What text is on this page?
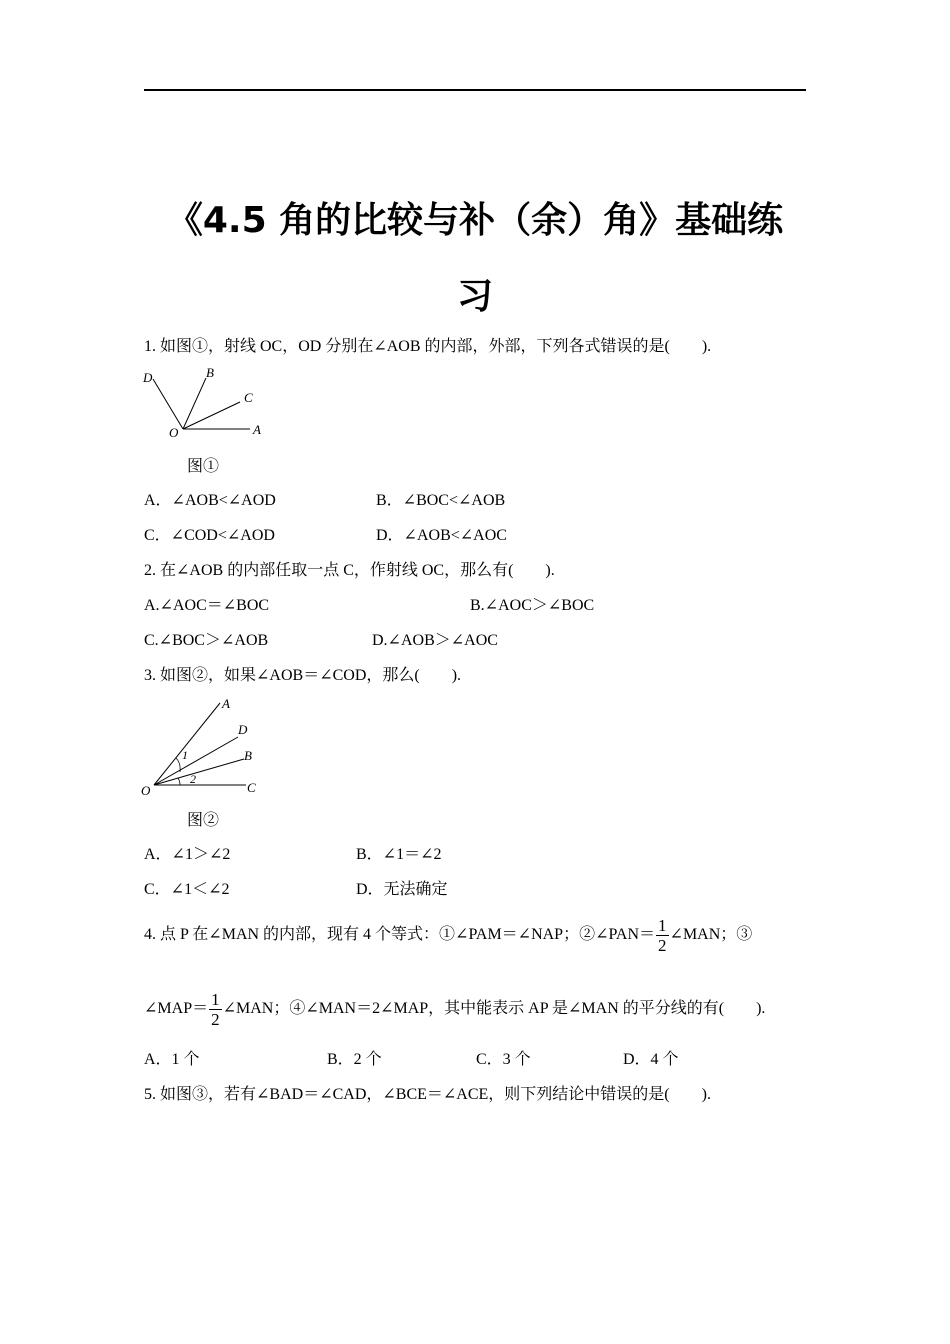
《4.5 角的比较与补（余）角》基础练
习
1. 如图①，射线 OC，OD 分别在∠AOB 的内部，外部，下列各式错误的是(　　).
D	B
C
O	A
图①
A．∠AOB<∠AOD	B．∠BOC<∠AOB
C．∠COD<∠AOD	D．∠AOB<∠AOC
2. 在∠AOB 的内部任取一点 C，作射线 OC，那么有(　　).
A.∠AOC＝∠BOC	B.∠AOC＞∠BOC
C.∠BOC＞∠AOB	D.∠AOB＞∠AOC
3. 如图②，如果∠AOB＝∠COD，那么(　　).
A
D
B
O	C
1
2
图②
A．∠1＞∠2	B．∠1＝∠2
C．∠1＜∠2	D．无法确定
4. 点 P 在∠MAN 的内部，现有 4 个等式：①∠PAM＝∠NAP；②∠PAN＝ $\frac{1}{2}$ ∠MAN；③
∠MAP＝ $\frac{1}{2}$ ∠MAN；④∠MAN＝2∠MAP，其中能表示 AP 是∠MAN 的平分线的有(　　).
A．1 个	B．2 个	C．3 个	D．4 个
5. 如图③，若有∠BAD＝∠CAD，∠BCE＝∠ACE，则下列结论中错误的是(　　).
